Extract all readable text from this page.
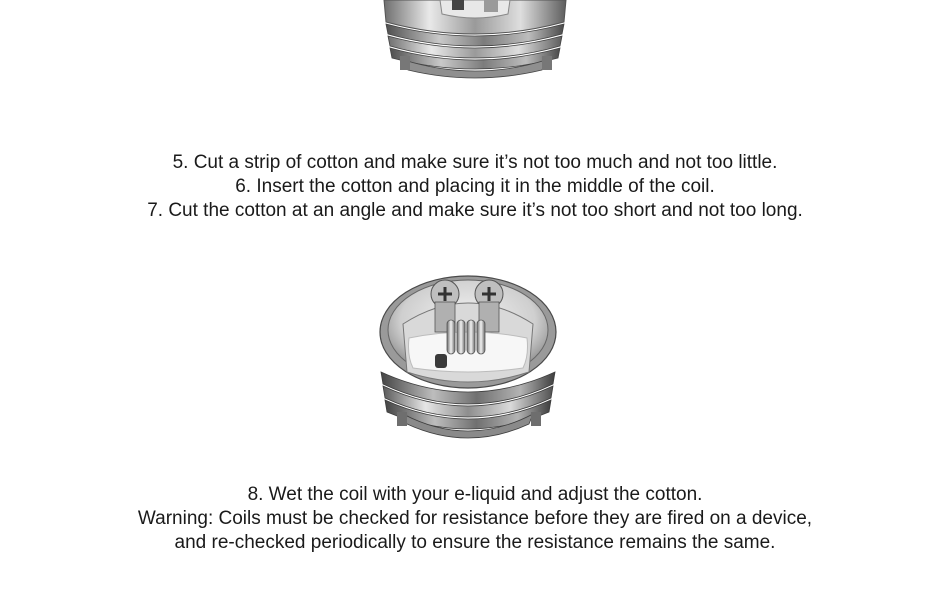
5. Cut a strip of cotton and make sure it’s not too much and not too little.
6. Insert the cotton and placing it in the middle of the coil.
7. Cut the cotton at an angle and make sure it’s not too short and not too long.
8. Wet the coil with your e-liquid and adjust the cotton.
Warning: Coils must be checked for resistance before they are fired on a device,
and re-checked periodically to ensure the resistance remains the same.
